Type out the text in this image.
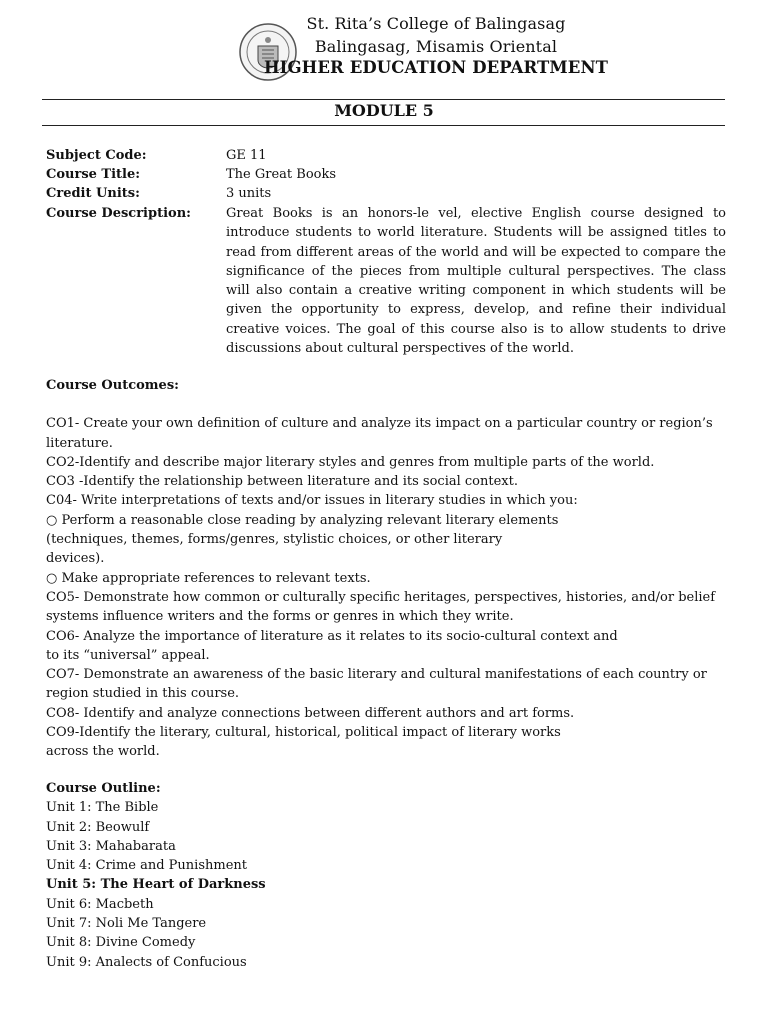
St. Rita’s College of Balingasag
Balingasag, Misamis Oriental
HIGHER EDUCATION DEPARTMENT
MODULE 5
Subject Code:	GE 11
Course Title:	The Great Books
Credit Units:	3 units
Course Description:	Great Books is an honors-le vel, elective English course designed to introduce students to world literature. Students will be assigned titles to read from different areas of the world and will be expected to compare the significance of the pieces from multiple cultural perspectives. The class will also contain a creative writing component in which students will be given the opportunity to express, develop, and refine their individual creative voices. The goal of this course also is to allow students to drive discussions about cultural perspectives of the world.
Course Outcomes:
CO1- Create your own definition of culture and analyze its impact on a particular country or region’s
literature.
CO2-Identify and describe major literary styles and genres from multiple parts of the world.
CO3 -Identify the relationship between literature and its social context.
C04- Write interpretations of texts and/or issues in literary studies in which you:
○ Perform a reasonable close reading by analyzing relevant literary elements
(techniques, themes, forms/genres, stylistic choices, or other literary
devices).
○ Make appropriate references to relevant texts.
CO5- Demonstrate how common or culturally specific heritages, perspectives, histories, and/or belief
systems influence writers and the forms or genres in which they write.
CO6- Analyze the importance of literature as it relates to its socio-cultural context and
to its “universal” appeal.
CO7- Demonstrate an awareness of the basic literary and cultural manifestations of each country or
region studied in this course.
CO8- Identify and analyze connections between different authors and art forms.
CO9-Identify the literary, cultural, historical, political impact of literary works
across the world.
Course Outline:
Unit 1: The Bible
Unit 2: Beowulf
Unit 3: Mahabarata
Unit 4: Crime and Punishment
Unit 5: The Heart of Darkness
Unit 6: Macbeth
Unit 7: Noli Me Tangere
Unit 8: Divine Comedy
Unit 9: Analects of Confucious
